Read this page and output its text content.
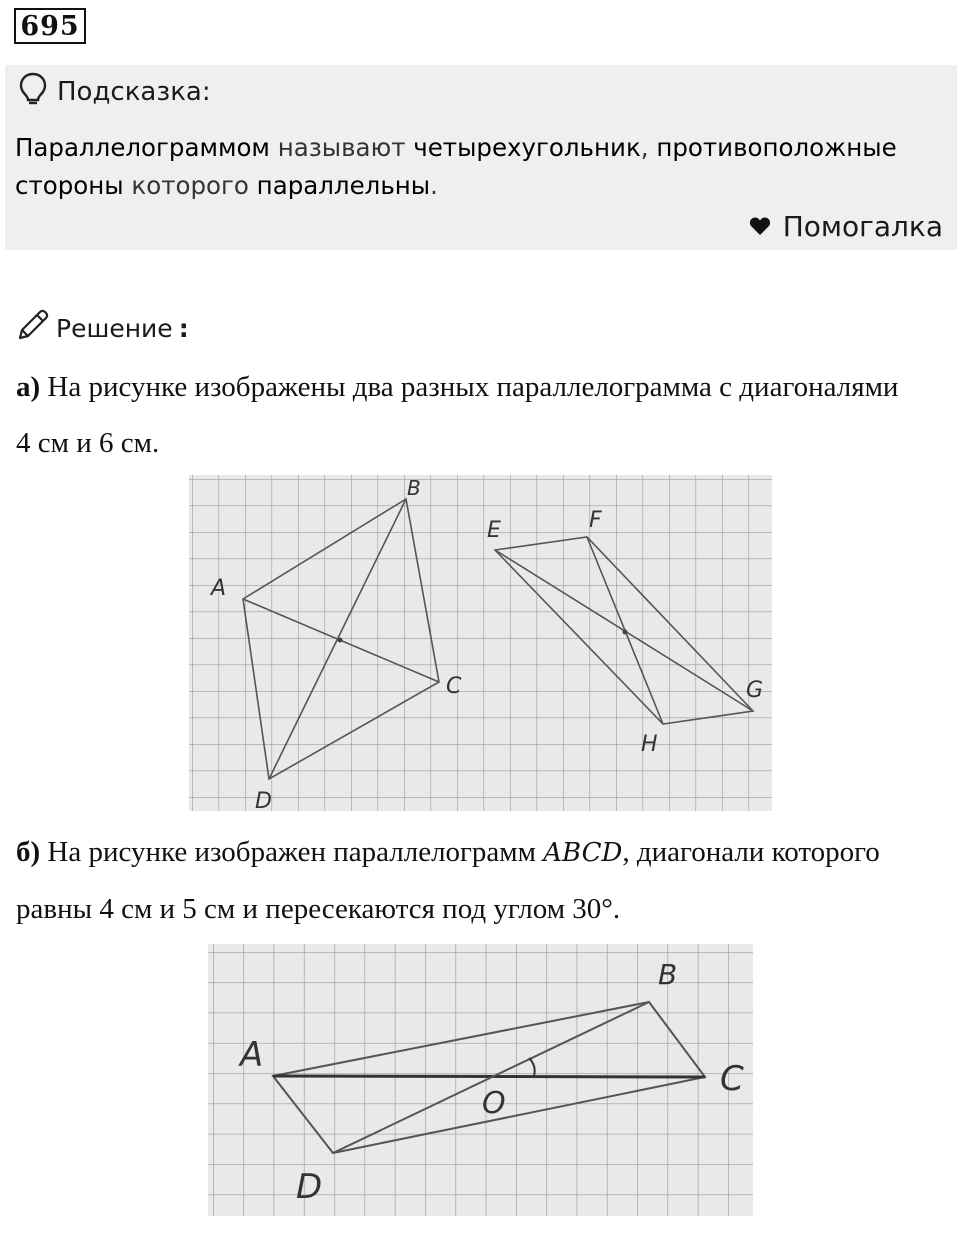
695
Подсказка:
Параллелограммом называют четырехугольник, противоположные стороны которого параллельны.
Помогалка
Решение :
а) На рисунке изображены два разных параллелограмма с диагоналями 4 см и 6 см.
A
B
C
D
E	F
G
H
б) На рисунке изображен параллелограмм ABCD, диагонали которого равны 4 см и 5 см и пересекаются под углом 30°.
A
B
C
D
O
